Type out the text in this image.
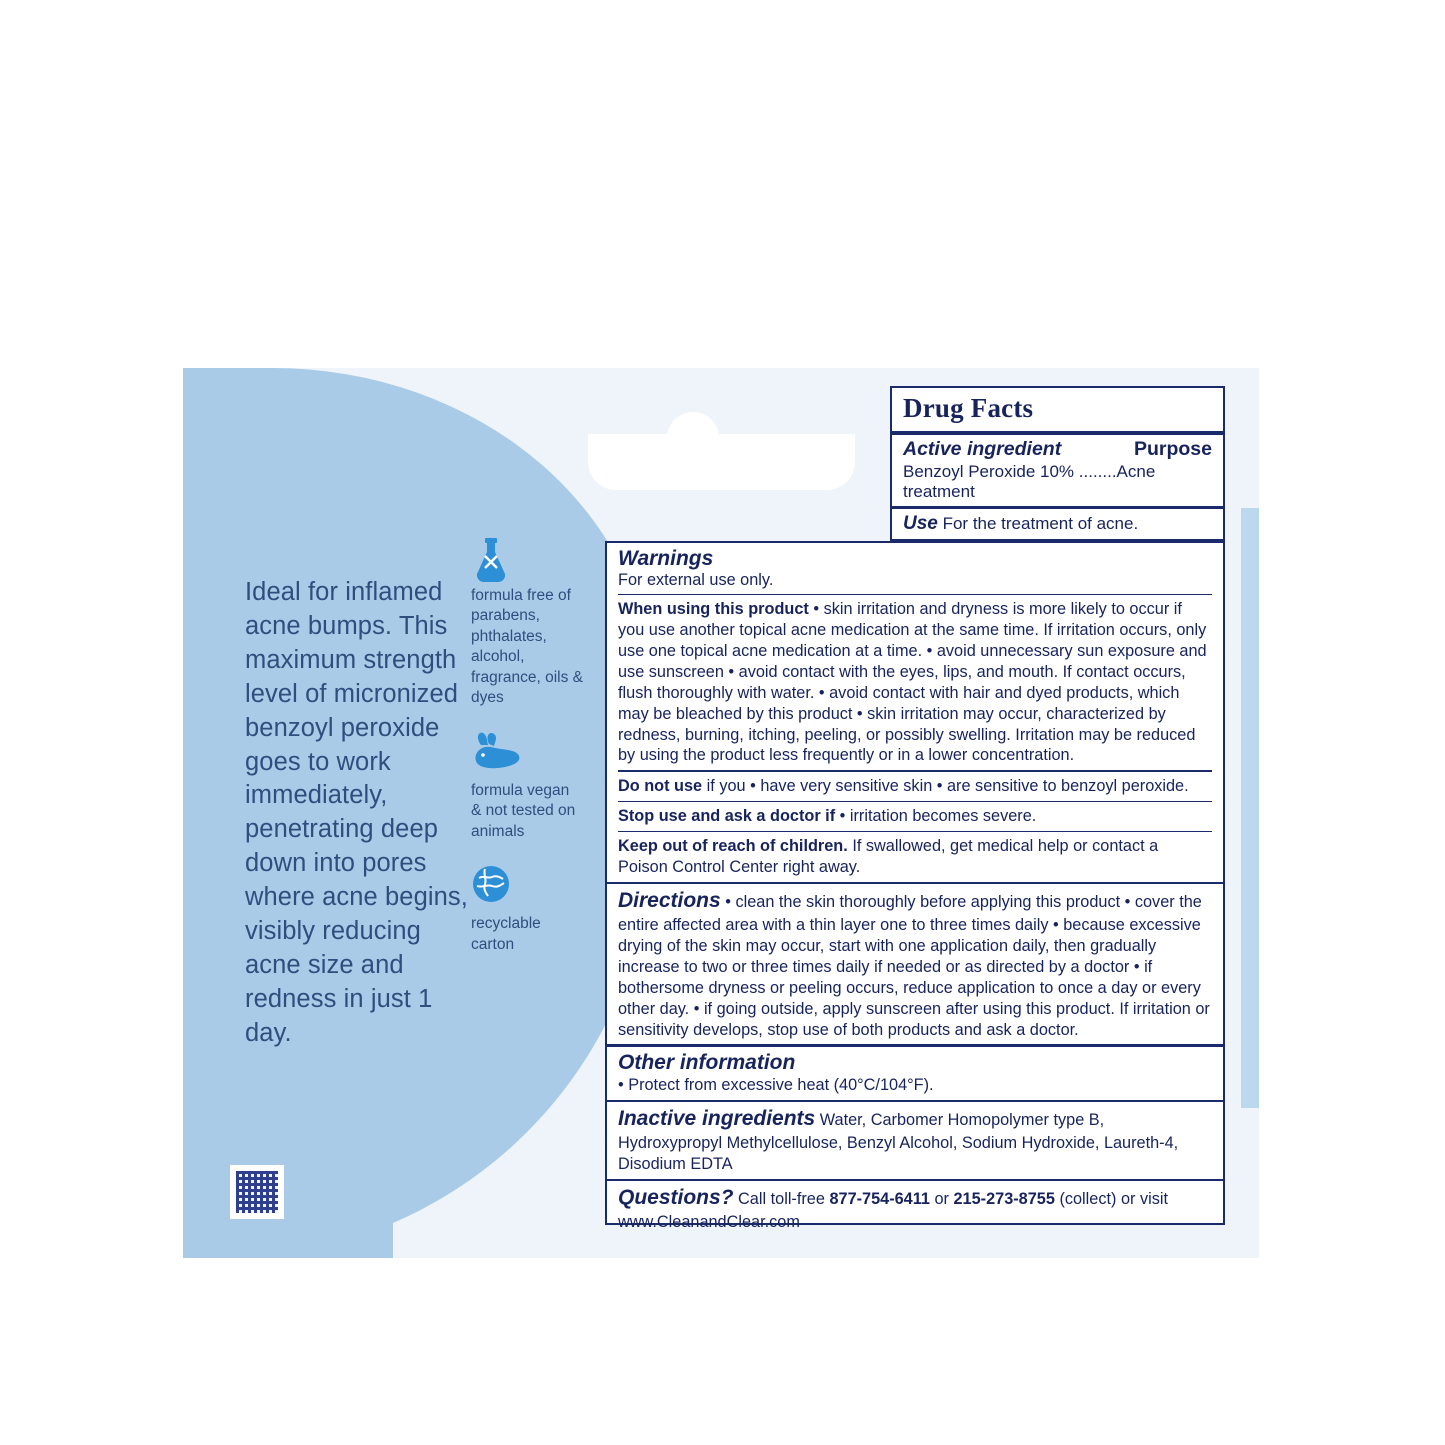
Ideal for inflamed acne bumps. This maximum strength level of micronized benzoyl peroxide goes to work immediately, penetrating deep down into pores where acne begins, visibly reducing acne size and redness in just 1 day.
formula free of parabens, phthalates, alcohol, fragrance, oils & dyes
formula vegan & not tested on animals
recyclable carton
Drug Facts
Active ingredient	Purpose
Benzoyl Peroxide 10% ........Acne treatment
Use For the treatment of acne.
Warnings
For external use only.
When using this product • skin irritation and dryness is more likely to occur if you use another topical acne medication at the same time. If irritation occurs, only use one topical acne medication at a time. • avoid unnecessary sun exposure and use sunscreen • avoid contact with the eyes, lips, and mouth. If contact occurs, flush thoroughly with water. • avoid contact with hair and dyed products, which may be bleached by this product • skin irritation may occur, characterized by redness, burning, itching, peeling, or possibly swelling. Irritation may be reduced by using the product less frequently or in a lower concentration.
Do not use if you • have very sensitive skin • are sensitive to benzoyl peroxide.
Stop use and ask a doctor if • irritation becomes severe.
Keep out of reach of children. If swallowed, get medical help or contact a Poison Control Center right away.
Directions • clean the skin thoroughly before applying this product • cover the entire affected area with a thin layer one to three times daily • because excessive drying of the skin may occur, start with one application daily, then gradually increase to two or three times daily if needed or as directed by a doctor • if bothersome dryness or peeling occurs, reduce application to once a day or every other day. • if going outside, apply sunscreen after using this product. If irritation or sensitivity develops, stop use of both products and ask a doctor.
Other information
• Protect from excessive heat (40°C/104°F).
Inactive ingredients Water, Carbomer Homopolymer type B, Hydroxypropyl Methylcellulose, Benzyl Alcohol, Sodium Hydroxide, Laureth-4, Disodium EDTA
Questions? Call toll-free 877-754-6411 or 215-273-8755 (collect) or visit www.CleanandClear.com
